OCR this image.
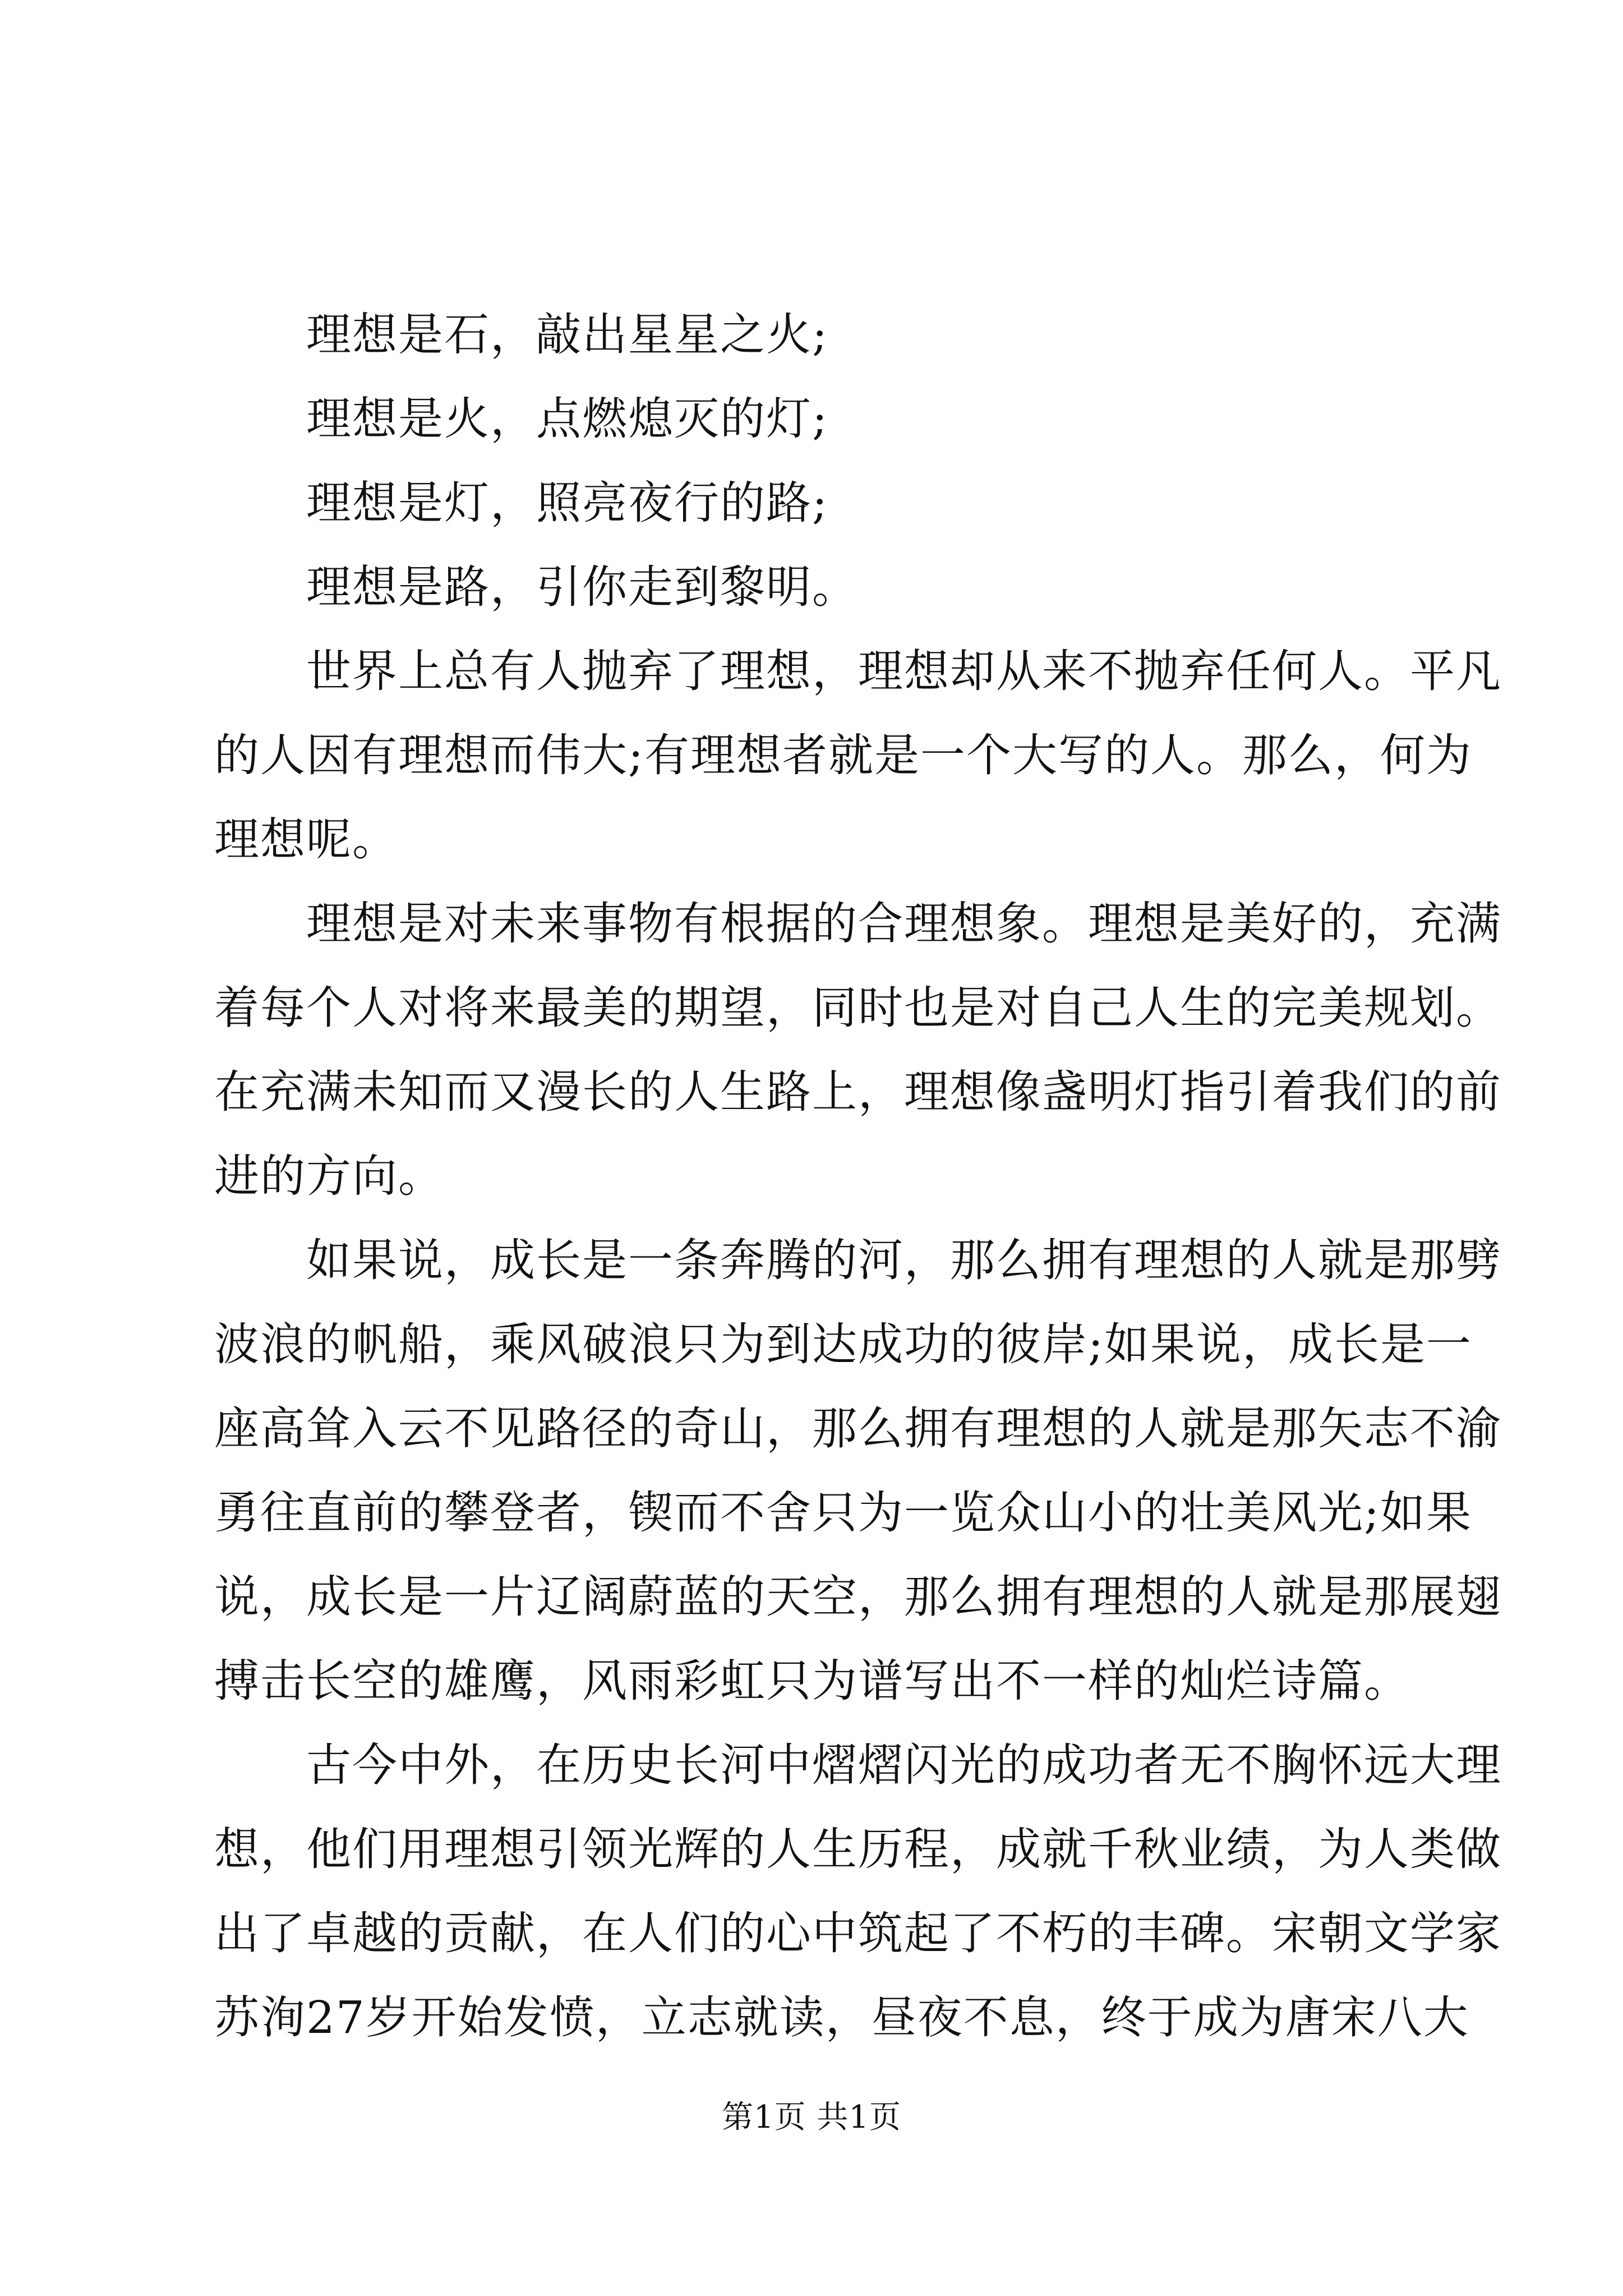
理想是石，敲出星星之火;
理想是火，点燃熄灭的灯;
理想是灯，照亮夜行的路;
理想是路，引你走到黎明。
世界上总有人抛弃了理想，理想却从来不抛弃任何人。平凡
的人因有理想而伟大;有理想者就是一个大写的人。那么，何为
理想呢。
理想是对未来事物有根据的合理想象。理想是美好的，充满
着每个人对将来最美的期望，同时也是对自己人生的完美规划。
在充满未知而又漫长的人生路上，理想像盏明灯指引着我们的前
进的方向。
如果说，成长是一条奔腾的河，那么拥有理想的人就是那劈
波浪的帆船，乘风破浪只为到达成功的彼岸;如果说，成长是一
座高耸入云不见路径的奇山，那么拥有理想的人就是那矢志不渝
勇往直前的攀登者，锲而不舍只为一览众山小的壮美风光;如果
说，成长是一片辽阔蔚蓝的天空，那么拥有理想的人就是那展翅
搏击长空的雄鹰，风雨彩虹只为谱写出不一样的灿烂诗篇。
古今中外，在历史长河中熠熠闪光的成功者无不胸怀远大理
想，他们用理想引领光辉的人生历程，成就千秋业绩，为人类做
出了卓越的贡献，在人们的心中筑起了不朽的丰碑。宋朝文学家
苏洵27岁开始发愤，立志就读，昼夜不息，终于成为唐宋八大
第1页 共1页
